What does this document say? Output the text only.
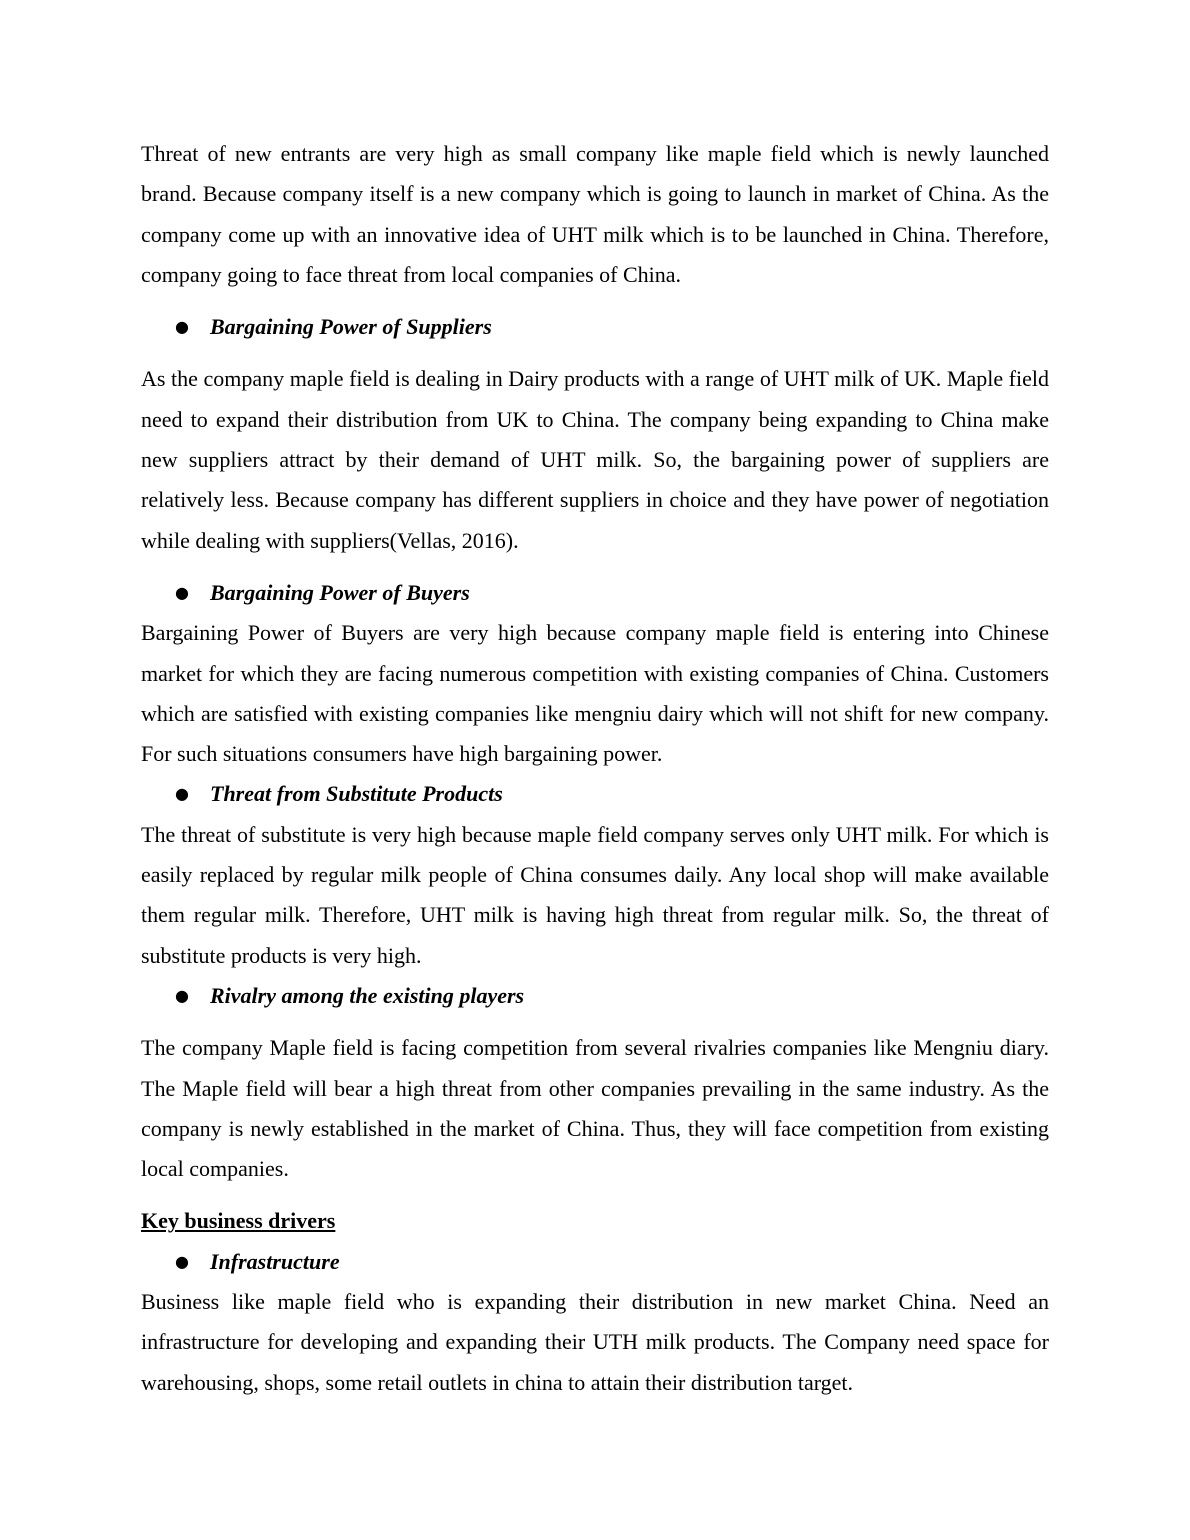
Threat of new entrants are very high as small company like maple field which is newly launched brand. Because company itself is a new company which is going to launch in market of China. As the company come up with an innovative idea of UHT milk which is to be launched in China. Therefore, company going to face threat from local companies of China.

● Bargaining Power of Suppliers

As the company maple field is dealing in Dairy products with a range of UHT milk of UK. Maple field need to expand their distribution from UK to China. The company being expanding to China make new suppliers attract by their demand of UHT milk. So, the bargaining power of suppliers are relatively less. Because company has different suppliers in choice and they have power of negotiation while dealing with suppliers(Vellas, 2016).

● Bargaining Power of Buyers

Bargaining Power of Buyers are very high because company maple field is entering into Chinese market for which they are facing numerous competition with existing companies of China. Customers which are satisfied with existing companies like mengniu dairy which will not shift for new company. For such situations consumers have high bargaining power.

● Threat from Substitute Products

The threat of substitute is very high because maple field company serves only UHT milk. For which is easily replaced by regular milk people of China consumes daily. Any local shop will make available them regular milk. Therefore, UHT milk is having high threat from regular milk. So, the threat of substitute products is very high.

● Rivalry among the existing players

The company Maple field is facing competition from several rivalries companies like Mengniu diary. The Maple field will bear a high threat from other companies prevailing in the same industry. As the company is newly established in the market of China. Thus, they will face competition from existing local companies.

Key business drivers
● Infrastructure

Business like maple field who is expanding their distribution in new market China. Need an infrastructure for developing and expanding their UTH milk products. The Company need space for warehousing, shops, some retail outlets in china to attain their distribution target.
